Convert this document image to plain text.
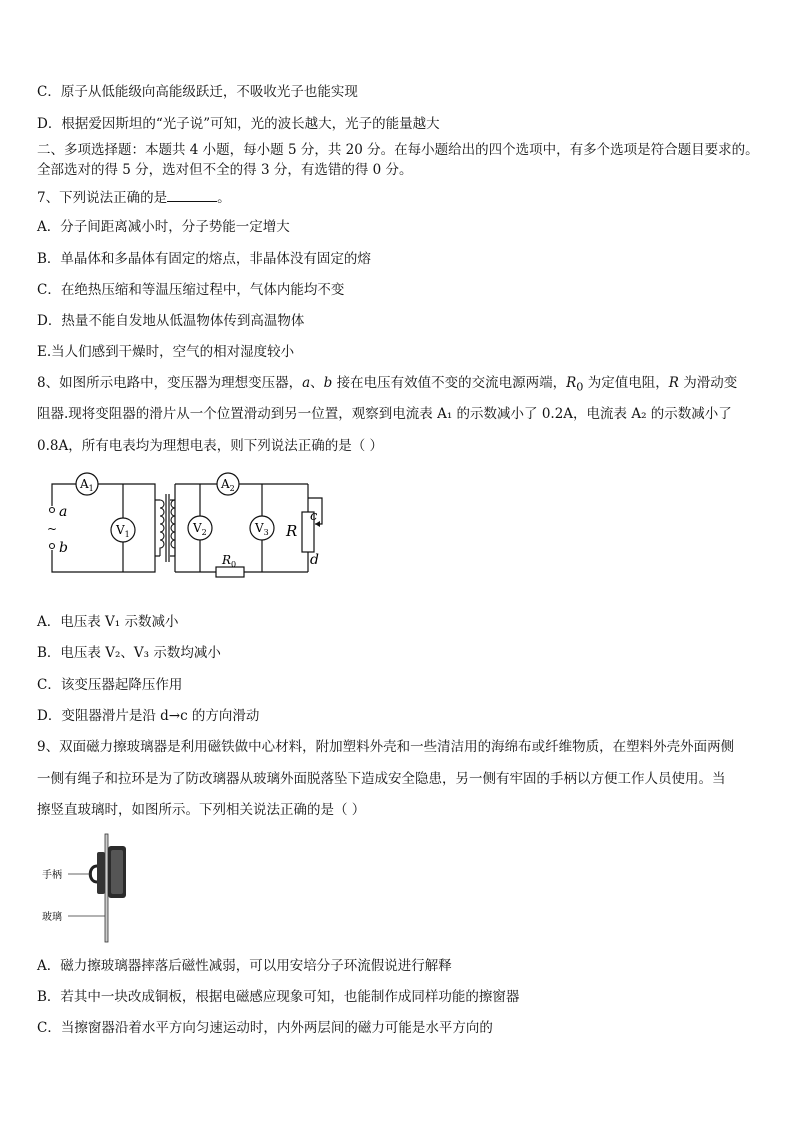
C．原子从低能级向高能级跃迁，不吸收光子也能实现
D．根据爱因斯坦的“光子说”可知，光的波长越大，光子的能量越大
二、多项选择题：本题共 4 小题，每小题 5 分，共 20 分。在每小题给出的四个选项中，有多个选项是符合题目要求的。
全部选对的得 5 分，选对但不全的得 3 分，有选错的得 0 分。
7、下列说法正确的是	。
A．分子间距离减小时，分子势能一定增大
B．单晶体和多晶体有固定的熔点，非晶体没有固定的熔
C．在绝热压缩和等温压缩过程中，气体内能均不变
D．热量不能自发地从低温物体传到高温物体
E.当人们感到干燥时，空气的相对湿度较小
8、如图所示电路中，变压器为理想变压器，a、b 接在电压有效值不变的交流电源两端，$R_0$ 为定值电阻，R 为滑动变
阻器.现将变阻器的滑片从一个位置滑动到另一位置，观察到电流表 A₁ 的示数减小了 0.2A，电流表 A₂ 的示数减小了
0.8A，所有电表均为理想电表，则下列说法正确的是（ ）
$A_1$	$A_2$
$V_1$	$V_2$	$V_3$
a
b
~	R
c
d
$R_0$
A．电压表 V₁ 示数减小
B．电压表 V₂、V₃ 示数均减小
C．该变压器起降压作用
D．变阻器滑片是沿 d→c 的方向滑动
9、双面磁力擦玻璃器是利用磁铁做中心材料，附加塑料外壳和一些清洁用的海绵布或纤维物质，在塑料外壳外面两侧
一侧有绳子和拉环是为了防改璃器从玻璃外面脱落坠下造成安全隐患，另一侧有牢固的手柄以方便工作人员使用。当
擦竖直玻璃时，如图所示。下列相关说法正确的是（ ）
手柄
玻璃
A．磁力擦玻璃器摔落后磁性减弱，可以用安培分子环流假说进行解释
B．若其中一块改成铜板，根据电磁感应现象可知，也能制作成同样功能的擦窗器
C．当擦窗器沿着水平方向匀速运动时，内外两层间的磁力可能是水平方向的
